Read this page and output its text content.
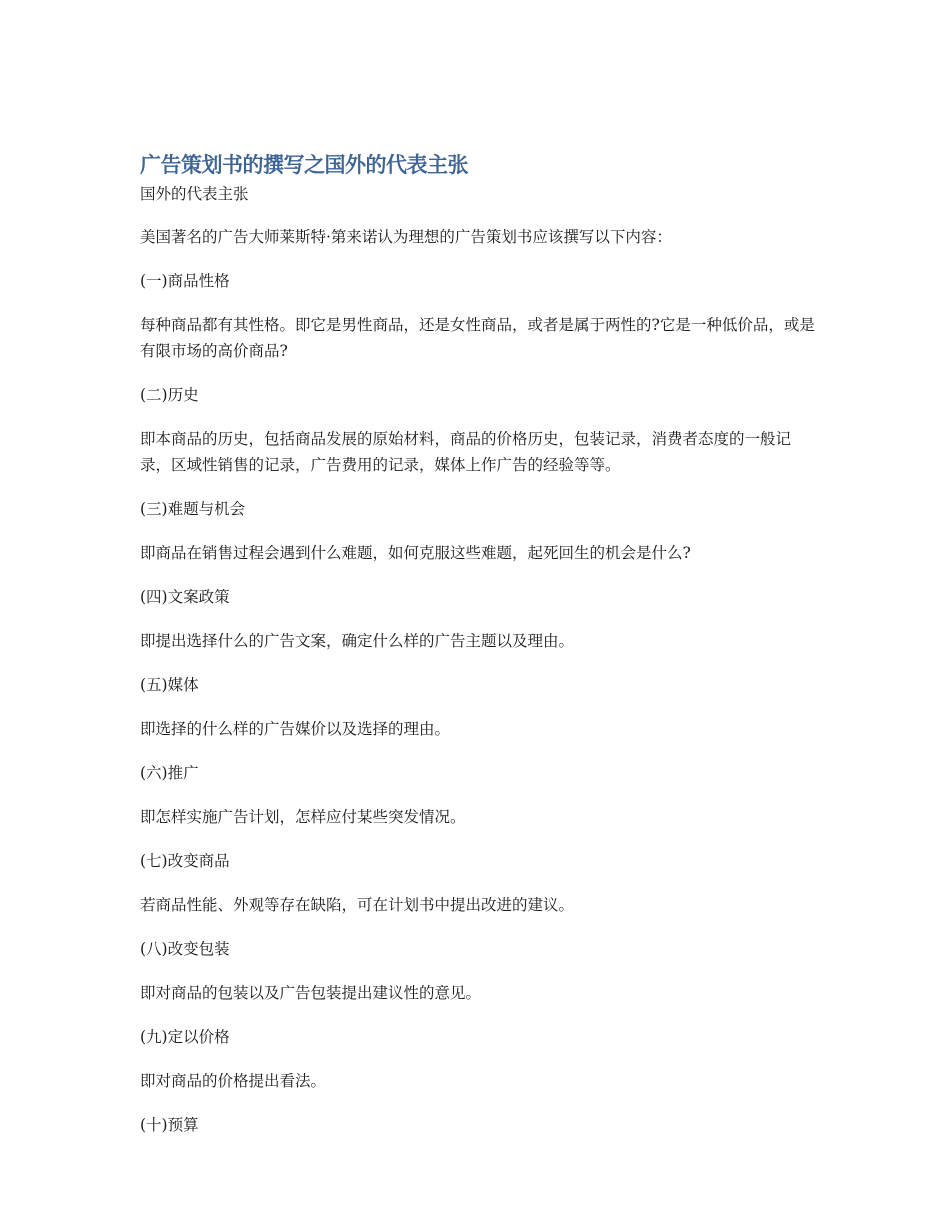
广告策划书的撰写之国外的代表主张

国外的代表主张

美国著名的广告大师莱斯特·第来诺认为理想的广告策划书应该撰写以下内容：

(一)商品性格

每种商品都有其性格。即它是男性商品，还是女性商品，或者是属于两性的?它是一种低价品，或是有限市场的高价商品?

(二)历史

即本商品的历史，包括商品发展的原始材料，商品的价格历史，包装记录，消费者态度的一般记录，区域性销售的记录，广告费用的记录，媒体上作广告的经验等等。

(三)难题与机会

即商品在销售过程会遇到什么难题，如何克服这些难题，起死回生的机会是什么?

(四)文案政策

即提出选择什么的广告文案，确定什么样的广告主题以及理由。

(五)媒体

即选择的什么样的广告媒价以及选择的理由。

(六)推广

即怎样实施广告计划，怎样应付某些突发情况。

(七)改变商品

若商品性能、外观等存在缺陷，可在计划书中提出改进的建议。

(八)改变包装

即对商品的包装以及广告包装提出建议性的意见。

(九)定以价格

即对商品的价格提出看法。

(十)预算
